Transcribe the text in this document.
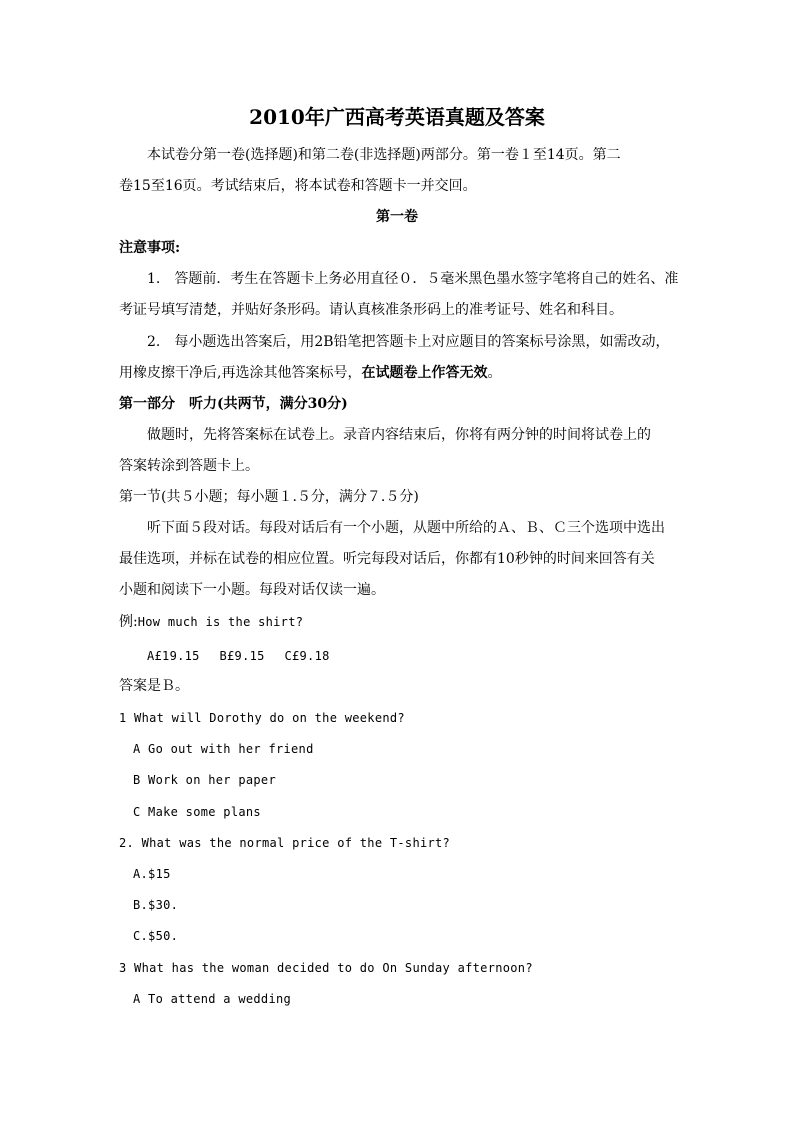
2010年广西高考英语真题及答案
本试卷分第一卷(选择题)和第二卷(非选择题)两部分。第一卷１至14页。第二
卷15至16页。考试结束后，将本试卷和答题卡一并交回。
第一卷
注意事项:
1.　答题前．考生在答题卡上务必用直径０．５毫米黑色墨水签字笔将自己的姓名、准
考证号填写清楚，并贴好条形码。请认真核准条形码上的准考证号、姓名和科目。
2.　每小题选出答案后，用2B铅笔把答题卡上对应题目的答案标号涂黑，如需改动，
用橡皮擦干净后,再选涂其他答案标号，在试题卷上作答无效。
第一部分　听力(共两节，满分30分)
做题时，先将答案标在试卷上。录音内容结束后，你将有两分钟的时间将试卷上的
答案转涂到答题卡上。
第一节(共５小题；每小题１.５分，满分７.５分)
听下面５段对话。每段对话后有一个小题，从题中所给的Ａ、Ｂ、Ｃ三个选项中选出
最佳选项，并标在试卷的相应位置。听完每段对话后，你都有10秒钟的时间来回答有关
小题和阅读下一小题。每段对话仅读一遍。
例:How much is the shirt?
A£19.15　 B£9.15　 C£9.18
答案是Ｂ。
1 What will Dorothy do on the weekend?
A Go out with her friend
B Work on her paper
C Make some plans
2. What was the normal price of the T-shirt?
A.$15
B.$30.
C.$50.
3 What has the woman decided to do On Sunday afternoon?
A To attend a wedding
